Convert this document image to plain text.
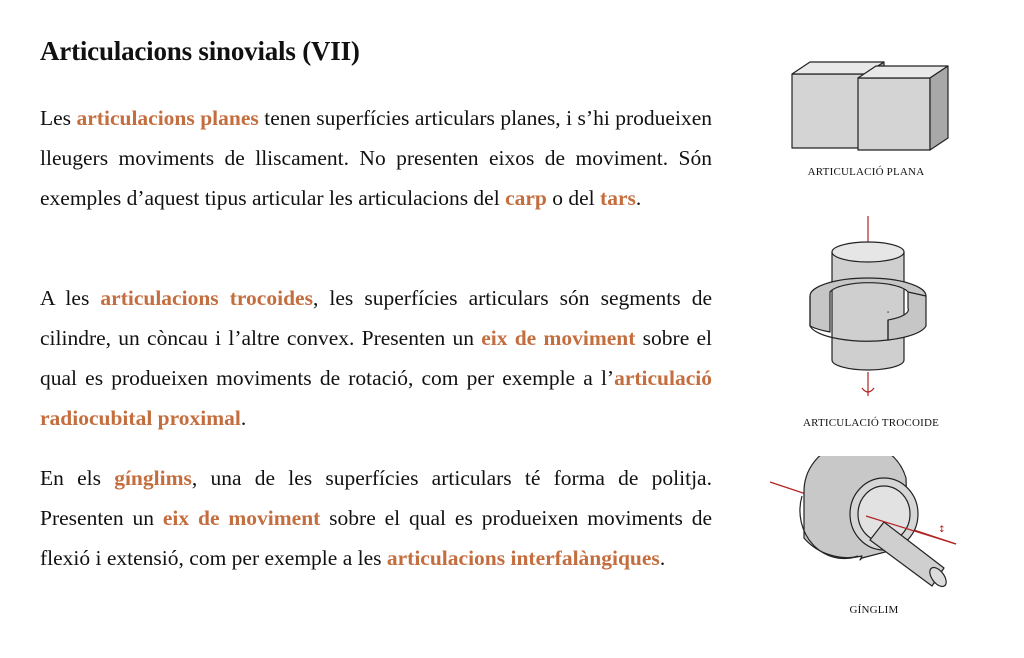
Articulacions sinovials (VII)
Les articulacions planes tenen superfícies articulars planes, i s’hi produeixen lleugers moviments de lliscament. No presenten eixos de moviment. Són exemples d’aquest tipus articular les articulacions del carp o del tars.
A les articulacions trocoides, les superfícies articulars són segments de cilindre, un còncau i l’altre convex. Presenten un eix de moviment sobre el qual es produeixen moviments de rotació, com per exemple a l’articulació radiocubital proximal.
En els gínglims, una de les superfícies articulars té forma de politja. Presenten un eix de moviment sobre el qual es produeixen moviments de flexió i extensió, com per exemple a les articulacions interfalàngiques.
ARTICULACIÓ PLANA
ARTICULACIÓ TROCOIDE
↕
GÍNGLIM
